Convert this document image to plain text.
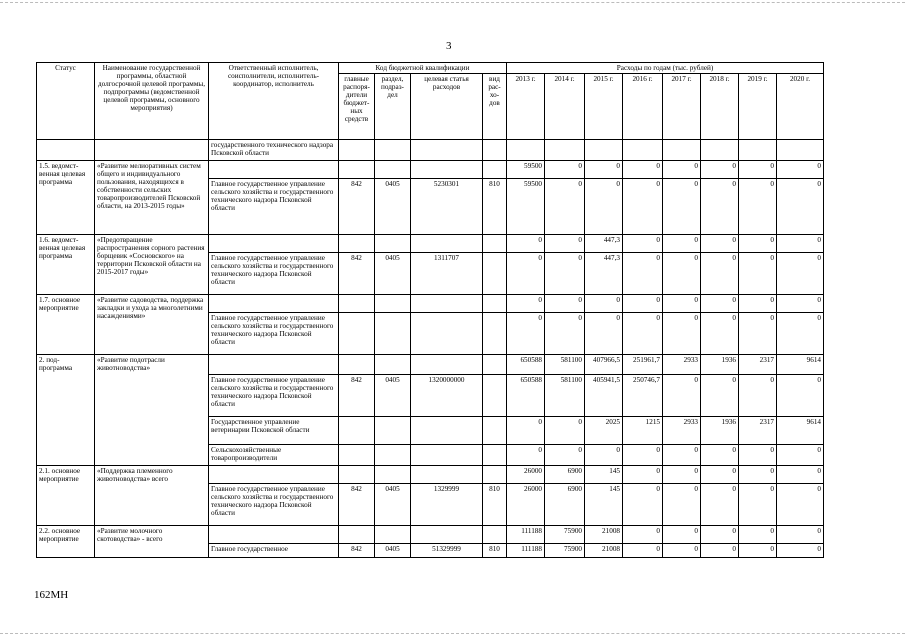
3
Статус	Наименование государственной программы, областной долгосрочной целевой программы, подпрограммы (ведомственной целевой программы, основного мероприятия)	Ответственный исполнитель, соисполнители, исполнитель-координатор, исполнитель	Код бюджетной квалификации				Расходы по годам (тыс. рублей)							
			главные распоря-дители бюджет-ных средств	раздел, подраз-дел	целевая статья расходов	вид рас-хо-дов	2013 г.	2014 г.	2015 г.	2016 г.	2017 г.	2018 г.	2019 г.	2020 г.
		государственного технического надзора Псковской области												
1.5. ведомст-венная целевая программа	«Развитие мелиоративных систем общего и индивидуального пользования, находящихся в собственности сельских товаропроизводителей Псковской области, на 2013-2015 годы»						59500	0	0	0	0	0	0	0
		Главное государственное управление сельского хозяйства и государственного технического надзора Псковской области	842	0405	5230301	810	59500	0	0	0	0	0	0	0
1.6. ведомст-венная целевая программа	«Предотвращение распространения сорного растения борщевик «Сосновского» на территории Псковской области на 2015-2017 годы»						0	0	447,3	0	0	0	0	0
		Главное государственное управление сельского хозяйства и государственного технического надзора Псковской области	842	0405	1311707		0	0	447,3	0	0	0	0	0
1.7. основное мероприятие	«Развитие садоводства, поддержка закладки и ухода за многолетними насаждениями»						0	0	0	0	0	0	0	0
		Главное государственное управление сельского хозяйства и государственного технического надзора Псковской области					0	0	0	0	0	0	0	0
2. под-программа	«Развитие подотрасли животноводства»						650588	581100	407966,5	251961,7	2933	1936	2317	9614
		Главное государственное управление сельского хозяйства и государственного технического надзора Псковской области	842	0405	1320000000		650588	581100	405941,5	250746,7	0	0	0	0
		Государственное управление ветеринарии Псковской области					0	0	2025	1215	2933	1936	2317	9614
		Сельскохозяйственные товаропроизводители					0	0	0	0	0	0	0	0
2.1. основное мероприятие	«Поддержка племенного животноводства» всего						26000	6900	145	0	0	0	0	0
		Главное государственное управление сельского хозяйства и государственного технического надзора Псковской области	842	0405	1329999	810	26000	6900	145	0	0	0	0	0
2.2. основное мероприятие	«Развитие молочного скотоводства» - всего						111188	75900	21008	0	0	0	0	0
		Главное государственное	842	0405	51329999	810	111188	75900	21008	0	0	0	0	0
162МН
